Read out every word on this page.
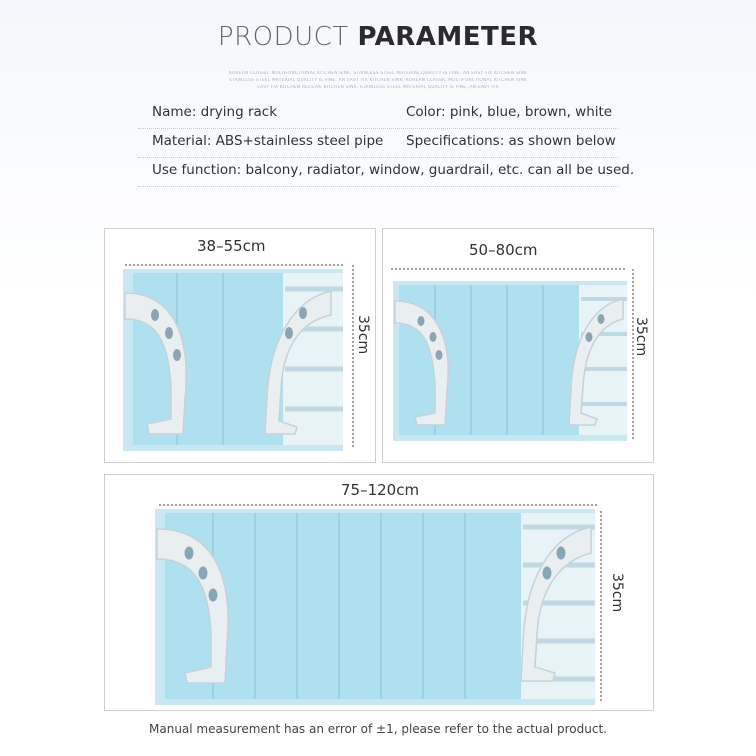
PRODUCT PARAMETER
KOREAN CLASSIC MULTIFUNCTIONAL KITCHEN SINK, STAINLESS STEEL MATERIAL QUALITY IS FINE, AN EASY FIX KITCHEN SINK
STAINLESS STEEL MATERIAL QUALITY IS FINE, AN EASY FIX KITCHEN SINK, KOREAN CLASSIC MULTIFUNCTIONAL KITCHEN SINK
EASY FIX KITCHEN RECEIVE KITCHEN SINK, STAINLESS STEEL MATERIAL QUALITY IS FINE, AN EASY FIX
Name: drying rack	Color: pink, blue, brown, white
Material: ABS+stainless steel pipe Specifications: as shown below
Use function: balcony, radiator, window, guardrail, etc. can all be used.
38–55cm
35cm
50–80cm
35cm
75–120cm
35cm
Manual measurement has an error of ±1, please refer to the actual product.
